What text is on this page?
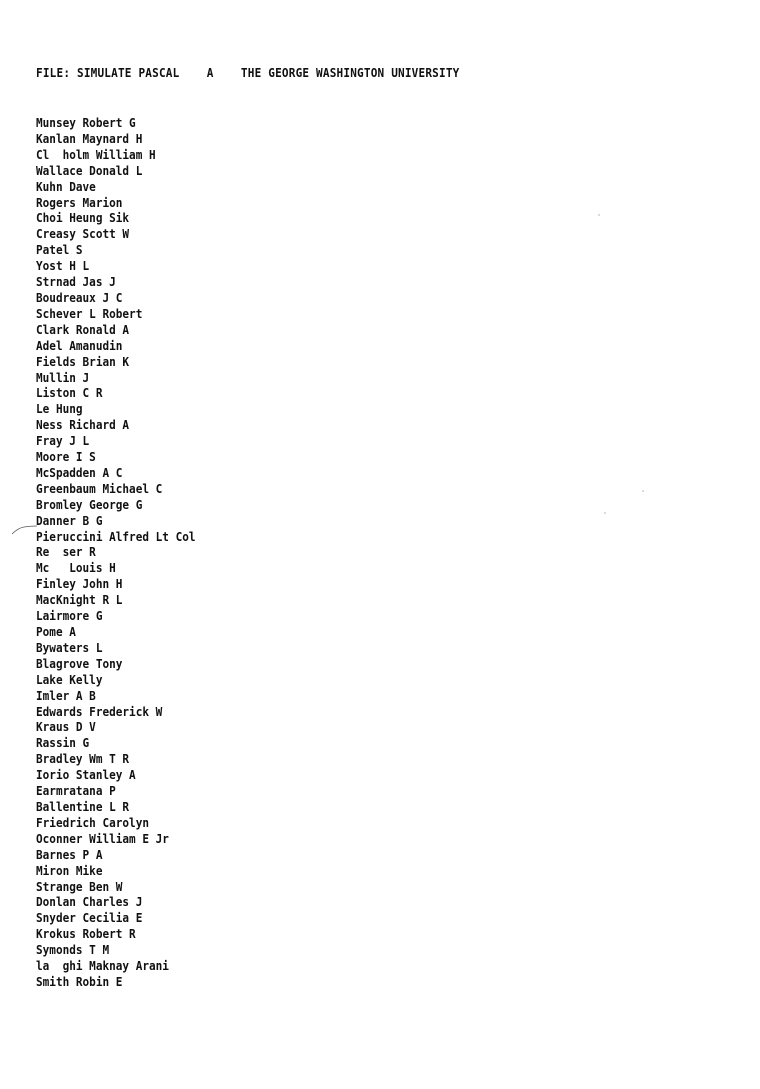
FILE: SIMULATE PASCAL    A    THE GEORGE WASHINGTON UNIVERSITY
Munsey Robert G
Kanlan Maynard H
Cl  holm William H
Wallace Donald L
Kuhn Dave
Rogers Marion
Choi Heung Sik
Creasy Scott W
Patel S
Yost H L
Strnad Jas J
Boudreaux J C
Schever L Robert
Clark Ronald A
Adel Amanudin
Fields Brian K
Mullin J
Liston C R
Le Hung
Ness Richard A
Fray J L
Moore I S
McSpadden A C
Greenbaum Michael C
Bromley George G
Danner B G
Pieruccini Alfred Lt Col
Re  ser R
Mc   Louis H
Finley John H
MacKnight R L
Lairmore G
Pome A
Bywaters L
Blagrove Tony
Lake Kelly
Imler A B
Edwards Frederick W
Kraus D V
Rassin G
Bradley Wm T R
Iorio Stanley A
Earmratana P
Ballentine L R
Friedrich Carolyn
Oconner William E Jr
Barnes P A
Miron Mike
Strange Ben W
Donlan Charles J
Snyder Cecilia E
Krokus Robert R
Symonds T M
la  ghi Maknay Arani
Smith Robin E
